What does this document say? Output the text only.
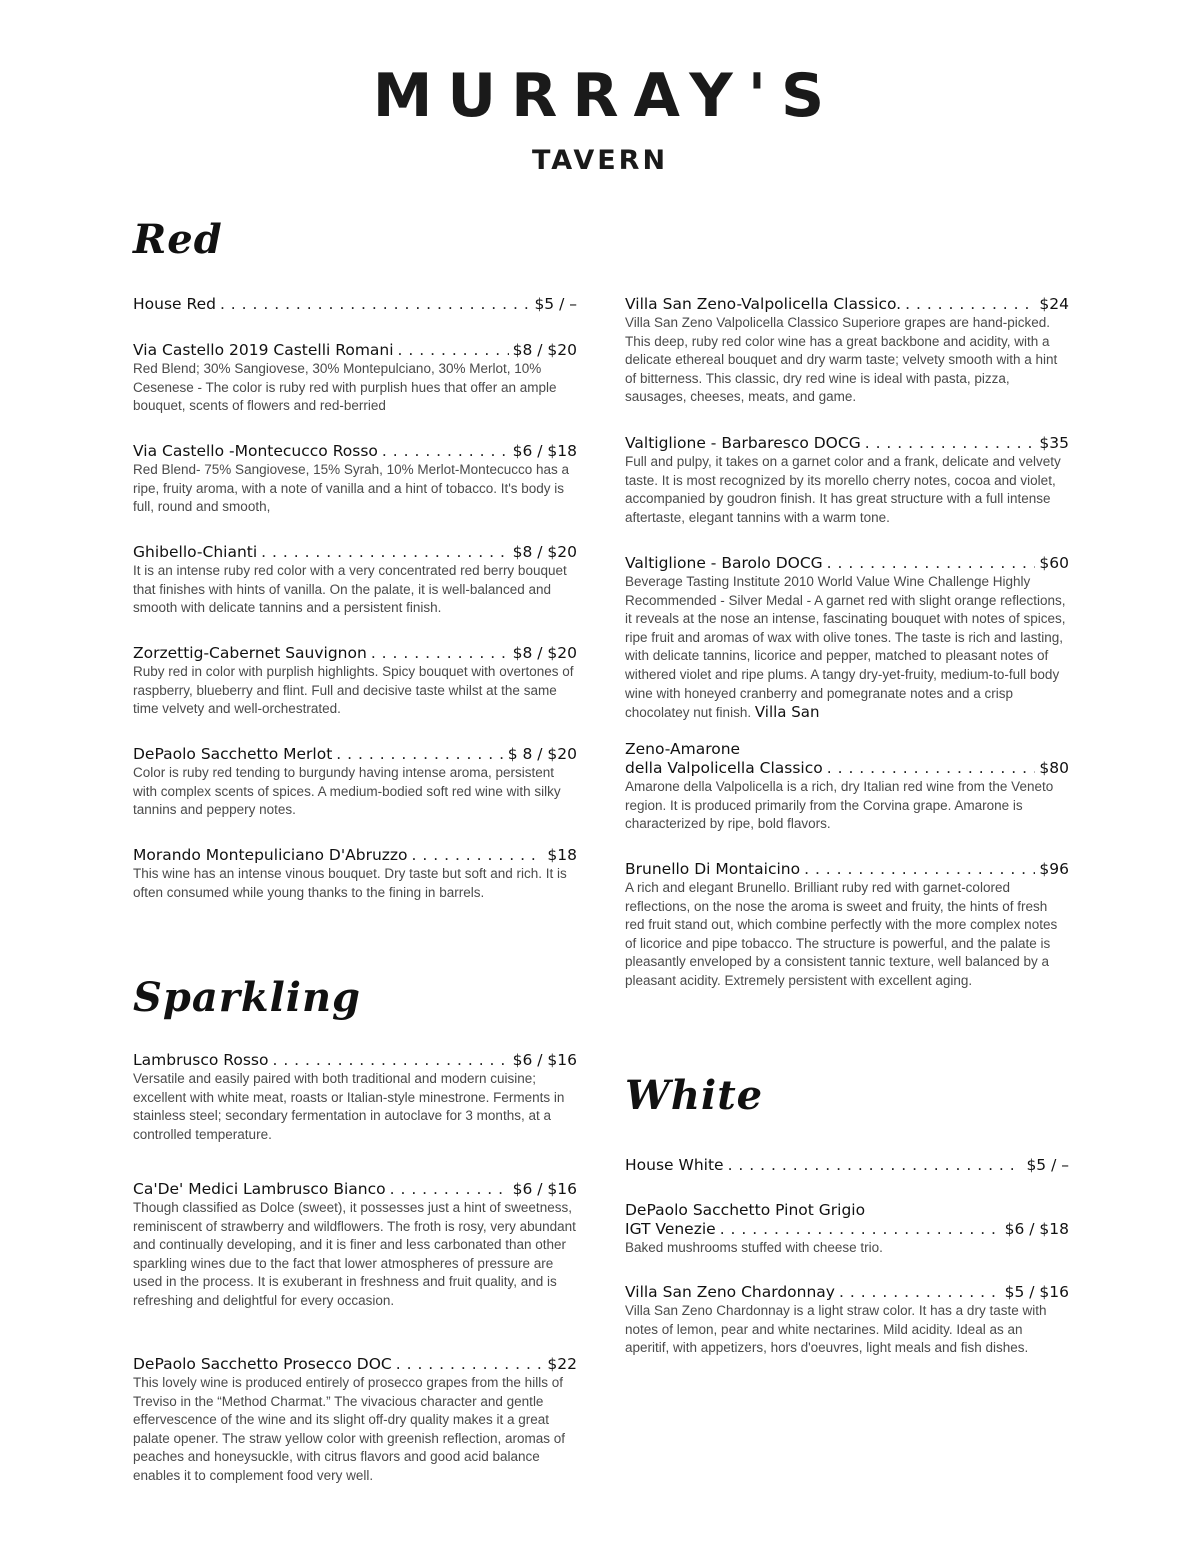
MURRAY'S
TAVERN
Red
House Red . . .	$5 / –
Via Castello 2019 Castelli Romani . . .	$8 / $20
Red Blend; 30% Sangiovese, 30% Montepulciano, 30% Merlot, 10% Cesenese - The color is ruby red with purplish hues that offer an ample bouquet, scents of flowers and red-berried
Via Castello -Montecucco Rosso . . .	$6 / $18
Red Blend- 75% Sangiovese, 15% Syrah, 10% Merlot-Montecucco has a ripe, fruity aroma, with a note of vanilla and a hint of tobacco. It's body is full, round and smooth,
Ghibello-Chianti . . .	$8 / $20
It is an intense ruby red color with a very concentrated red berry bouquet that finishes with hints of vanilla. On the palate, it is well-balanced and smooth with delicate tannins and a persistent finish.
Zorzettig-Cabernet Sauvignon . . .	$8 / $20
Ruby red in color with purplish highlights. Spicy bouquet with overtones of raspberry, blueberry and flint. Full and decisive taste whilst at the same time velvety and well-orchestrated.
DePaolo Sacchetto Merlot . . .	$ 8 / $20
Color is ruby red tending to burgundy having intense aroma, persistent with complex scents of spices. A medium-bodied soft red wine with silky tannins and peppery notes.
Morando Montepuliciano D'Abruzzo . . .	$18
This wine has an intense vinous bouquet. Dry taste but soft and rich. It is often consumed while young thanks to the fining in barrels.
Sparkling
Lambrusco Rosso . . .	$6 / $16
Versatile and easily paired with both traditional and modern cuisine; excellent with white meat, roasts or Italian-style minestrone. Ferments in stainless steel; secondary fermentation in autoclave for 3 months, at a controlled temperature.
Ca'De' Medici Lambrusco Bianco . . .	$6 / $16
Though classified as Dolce (sweet), it possesses just a hint of sweetness, reminiscent of strawberry and wildflowers. The froth is rosy, very abundant and continually developing, and it is finer and less carbonated than other sparkling wines due to the fact that lower atmospheres of pressure are used in the process. It is exuberant in freshness and fruit quality, and is refreshing and delightful for every occasion.
DePaolo Sacchetto Prosecco DOC . . .	$22
This lovely wine is produced entirely of prosecco grapes from the hills of Treviso in the “Method Charmat.” The vivacious character and gentle effervescence of the wine and its slight off-dry quality makes it a great palate opener. The straw yellow color with greenish reflection, aromas of peaches and honeysuckle, with citrus flavors and good acid balance enables it to complement food very well.
Villa San Zeno-Valpolicella Classico. . . .	$24
Villa San Zeno Valpolicella Classico Superiore grapes are hand-picked. This deep, ruby red color wine has a great backbone and acidity, with a delicate ethereal bouquet and dry warm taste; velvety smooth with a hint of bitterness. This classic, dry red wine is ideal with pasta, pizza, sausages, cheeses, meats, and game.
Valtiglione - Barbaresco DOCG . . .	$35
Full and pulpy, it takes on a garnet color and a frank, delicate and velvety taste. It is most recognized by its morello cherry notes, cocoa and violet, accompanied by goudron finish. It has great structure with a full intense aftertaste, elegant tannins with a warm tone.
Valtiglione - Barolo DOCG . . .	$60
Beverage Tasting Institute 2010 World Value Wine Challenge Highly Recommended - Silver Medal - A garnet red with slight orange reflections, it reveals at the nose an intense, fascinating bouquet with notes of spices, ripe fruit and aromas of wax with olive tones. The taste is rich and lasting, with delicate tannins, licorice and pepper, matched to pleasant notes of withered violet and ripe plums. A tangy dry-yet-fruity, medium-to-full body wine with honeyed cranberry and pomegranate notes and a crisp chocolatey nut finish. Villa San
Zeno-Amarone
della Valpolicella Classico . . .	$80
Amarone della Valpolicella is a rich, dry Italian red wine from the Veneto region. It is produced primarily from the Corvina grape. Amarone is characterized by ripe, bold flavors.
Brunello Di Montaicino . . .	$96
A rich and elegant Brunello. Brilliant ruby red with garnet-colored reflections, on the nose the aroma is sweet and fruity, the hints of fresh red fruit stand out, which combine perfectly with the more complex notes of licorice and pipe tobacco. The structure is powerful, and the palate is pleasantly enveloped by a consistent tannic texture, well balanced by a pleasant acidity. Extremely persistent with excellent aging.
White
House White . . .	$5 / –
DePaolo Sacchetto Pinot Grigio
IGT Venezie . . .	$6 / $18
Baked mushrooms stuffed with cheese trio.
Villa San Zeno Chardonnay . . .	$5 / $16
Villa San Zeno Chardonnay is a light straw color. It has a dry taste with notes of lemon, pear and white nectarines. Mild acidity. Ideal as an aperitif, with appetizers, hors d'oeuvres, light meals and fish dishes.
